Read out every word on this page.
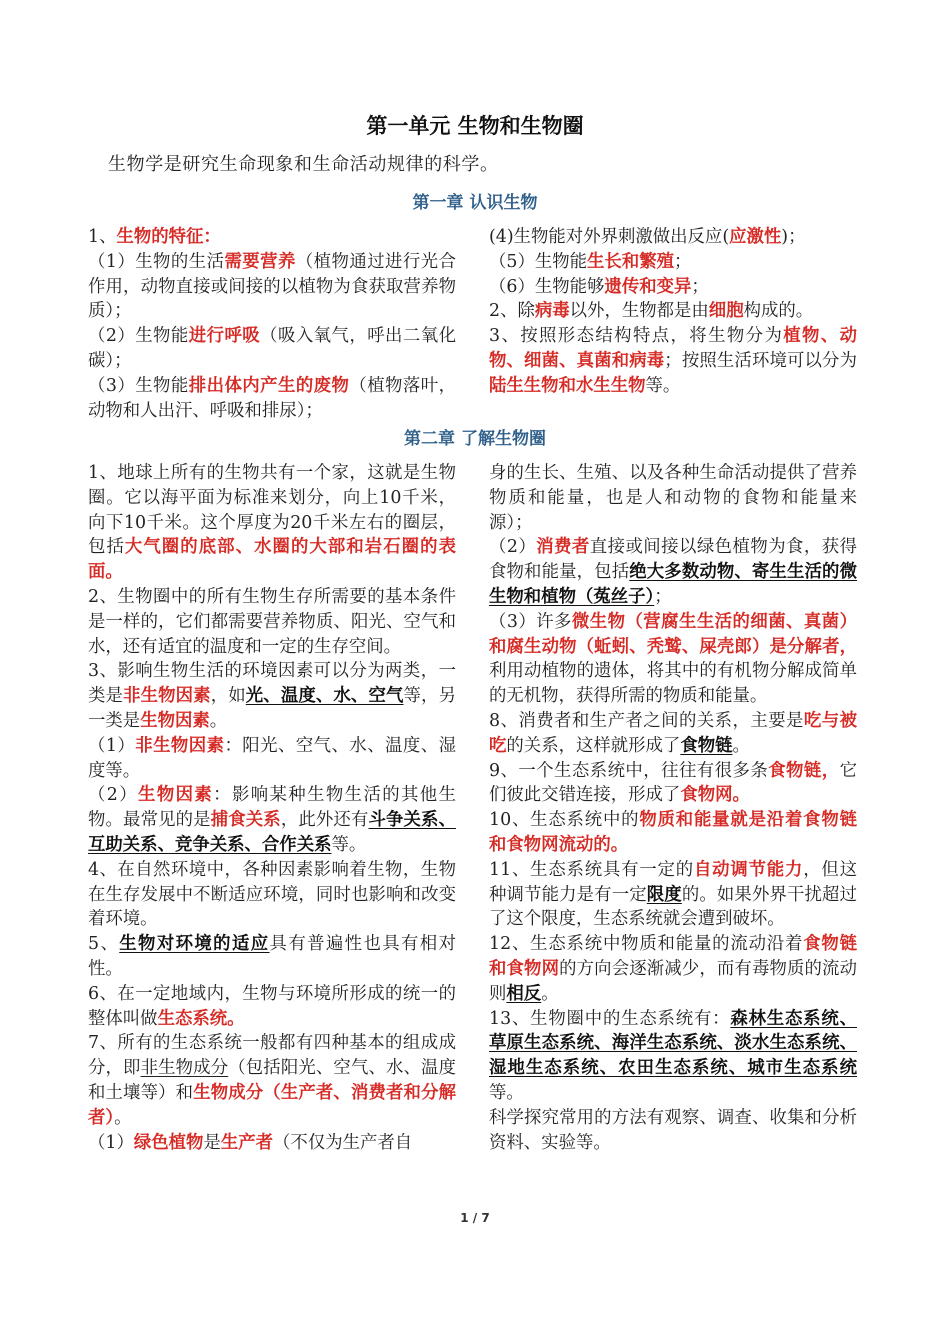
第一单元 生物和生物圈
生物学是研究生命现象和生命活动规律的科学。
第一章 认识生物

1、生物的特征：

（1）生物的生活需要营养（植物通过进行光合作用，动物直接或间接的以植物为食获取营养物质）；

（2）生物能进行呼吸（吸入氧气，呼出二氧化碳）；

（3）生物能排出体内产生的废物（植物落叶，动物和人出汗、呼吸和排尿）；

(4)生物能对外界刺激做出反应(应激性)；

（5）生物能生长和繁殖；

（6）生物能够遗传和变异；

2、除病毒以外，生物都是由细胞构成的。

3、按照形态结构特点，将生物分为植物、动物、细菌、真菌和病毒；按照生活环境可以分为陆生生物和水生生物等。

第二章 了解生物圈

1、地球上所有的生物共有一个家，这就是生物圈。它以海平面为标准来划分，向上10千米，向下10千米。这个厚度为20千米左右的圈层，包括大气圈的底部、水圈的大部和岩石圈的表面。

2、生物圈中的所有生物生存所需要的基本条件是一样的，它们都需要营养物质、阳光、空气和水，还有适宜的温度和一定的生存空间。

3、影响生物生活的环境因素可以分为两类，一类是非生物因素，如光、温度、水、空气等，另一类是生物因素。

（1）非生物因素：阳光、空气、水、温度、湿度等。

（2）生物因素：影响某种生物生活的其他生物。最常见的是捕食关系，此外还有斗争关系、互助关系、竞争关系、合作关系等。

4、在自然环境中，各种因素影响着生物，生物在生存发展中不断适应环境，同时也影响和改变着环境。

5、生物对环境的适应具有普遍性也具有相对性。

6、在一定地域内，生物与环境所形成的统一的整体叫做生态系统。

7、所有的生态系统一般都有四种基本的组成成分，即非生物成分（包括阳光、空气、水、温度和土壤等）和生物成分（生产者、消费者和分解者）。

（1）绿色植物是生产者（不仅为生产者自

身的生长、生殖、以及各种生命活动提供了营养物质和能量，也是人和动物的食物和能量来源）；

（2）消费者直接或间接以绿色植物为食，获得食物和能量，包括绝大多数动物、寄生生活的微生物和植物（菟丝子）；

（3）许多微生物（营腐生生活的细菌、真菌）和腐生动物（蚯蚓、秃鹫、屎壳郎）是分解者，利用动植物的遗体，将其中的有机物分解成简单的无机物，获得所需的物质和能量。

8、消费者和生产者之间的关系，主要是吃与被吃的关系，这样就形成了食物链。

9、一个生态系统中，往往有很多条食物链，它们彼此交错连接，形成了食物网。

10、生态系统中的物质和能量就是沿着食物链和食物网流动的。

11、生态系统具有一定的自动调节能力，但这种调节能力是有一定限度的。如果外界干扰超过了这个限度，生态系统就会遭到破坏。

12、生态系统中物质和能量的流动沿着食物链和食物网的方向会逐渐减少，而有毒物质的流动则相反。

13、生物圈中的生态系统有：森林生态系统、草原生态系统、海洋生态系统、淡水生态系统、湿地生态系统、农田生态系统、城市生态系统等。

科学探究常用的方法有观察、调查、收集和分析资料、实验等。

1 / 7
